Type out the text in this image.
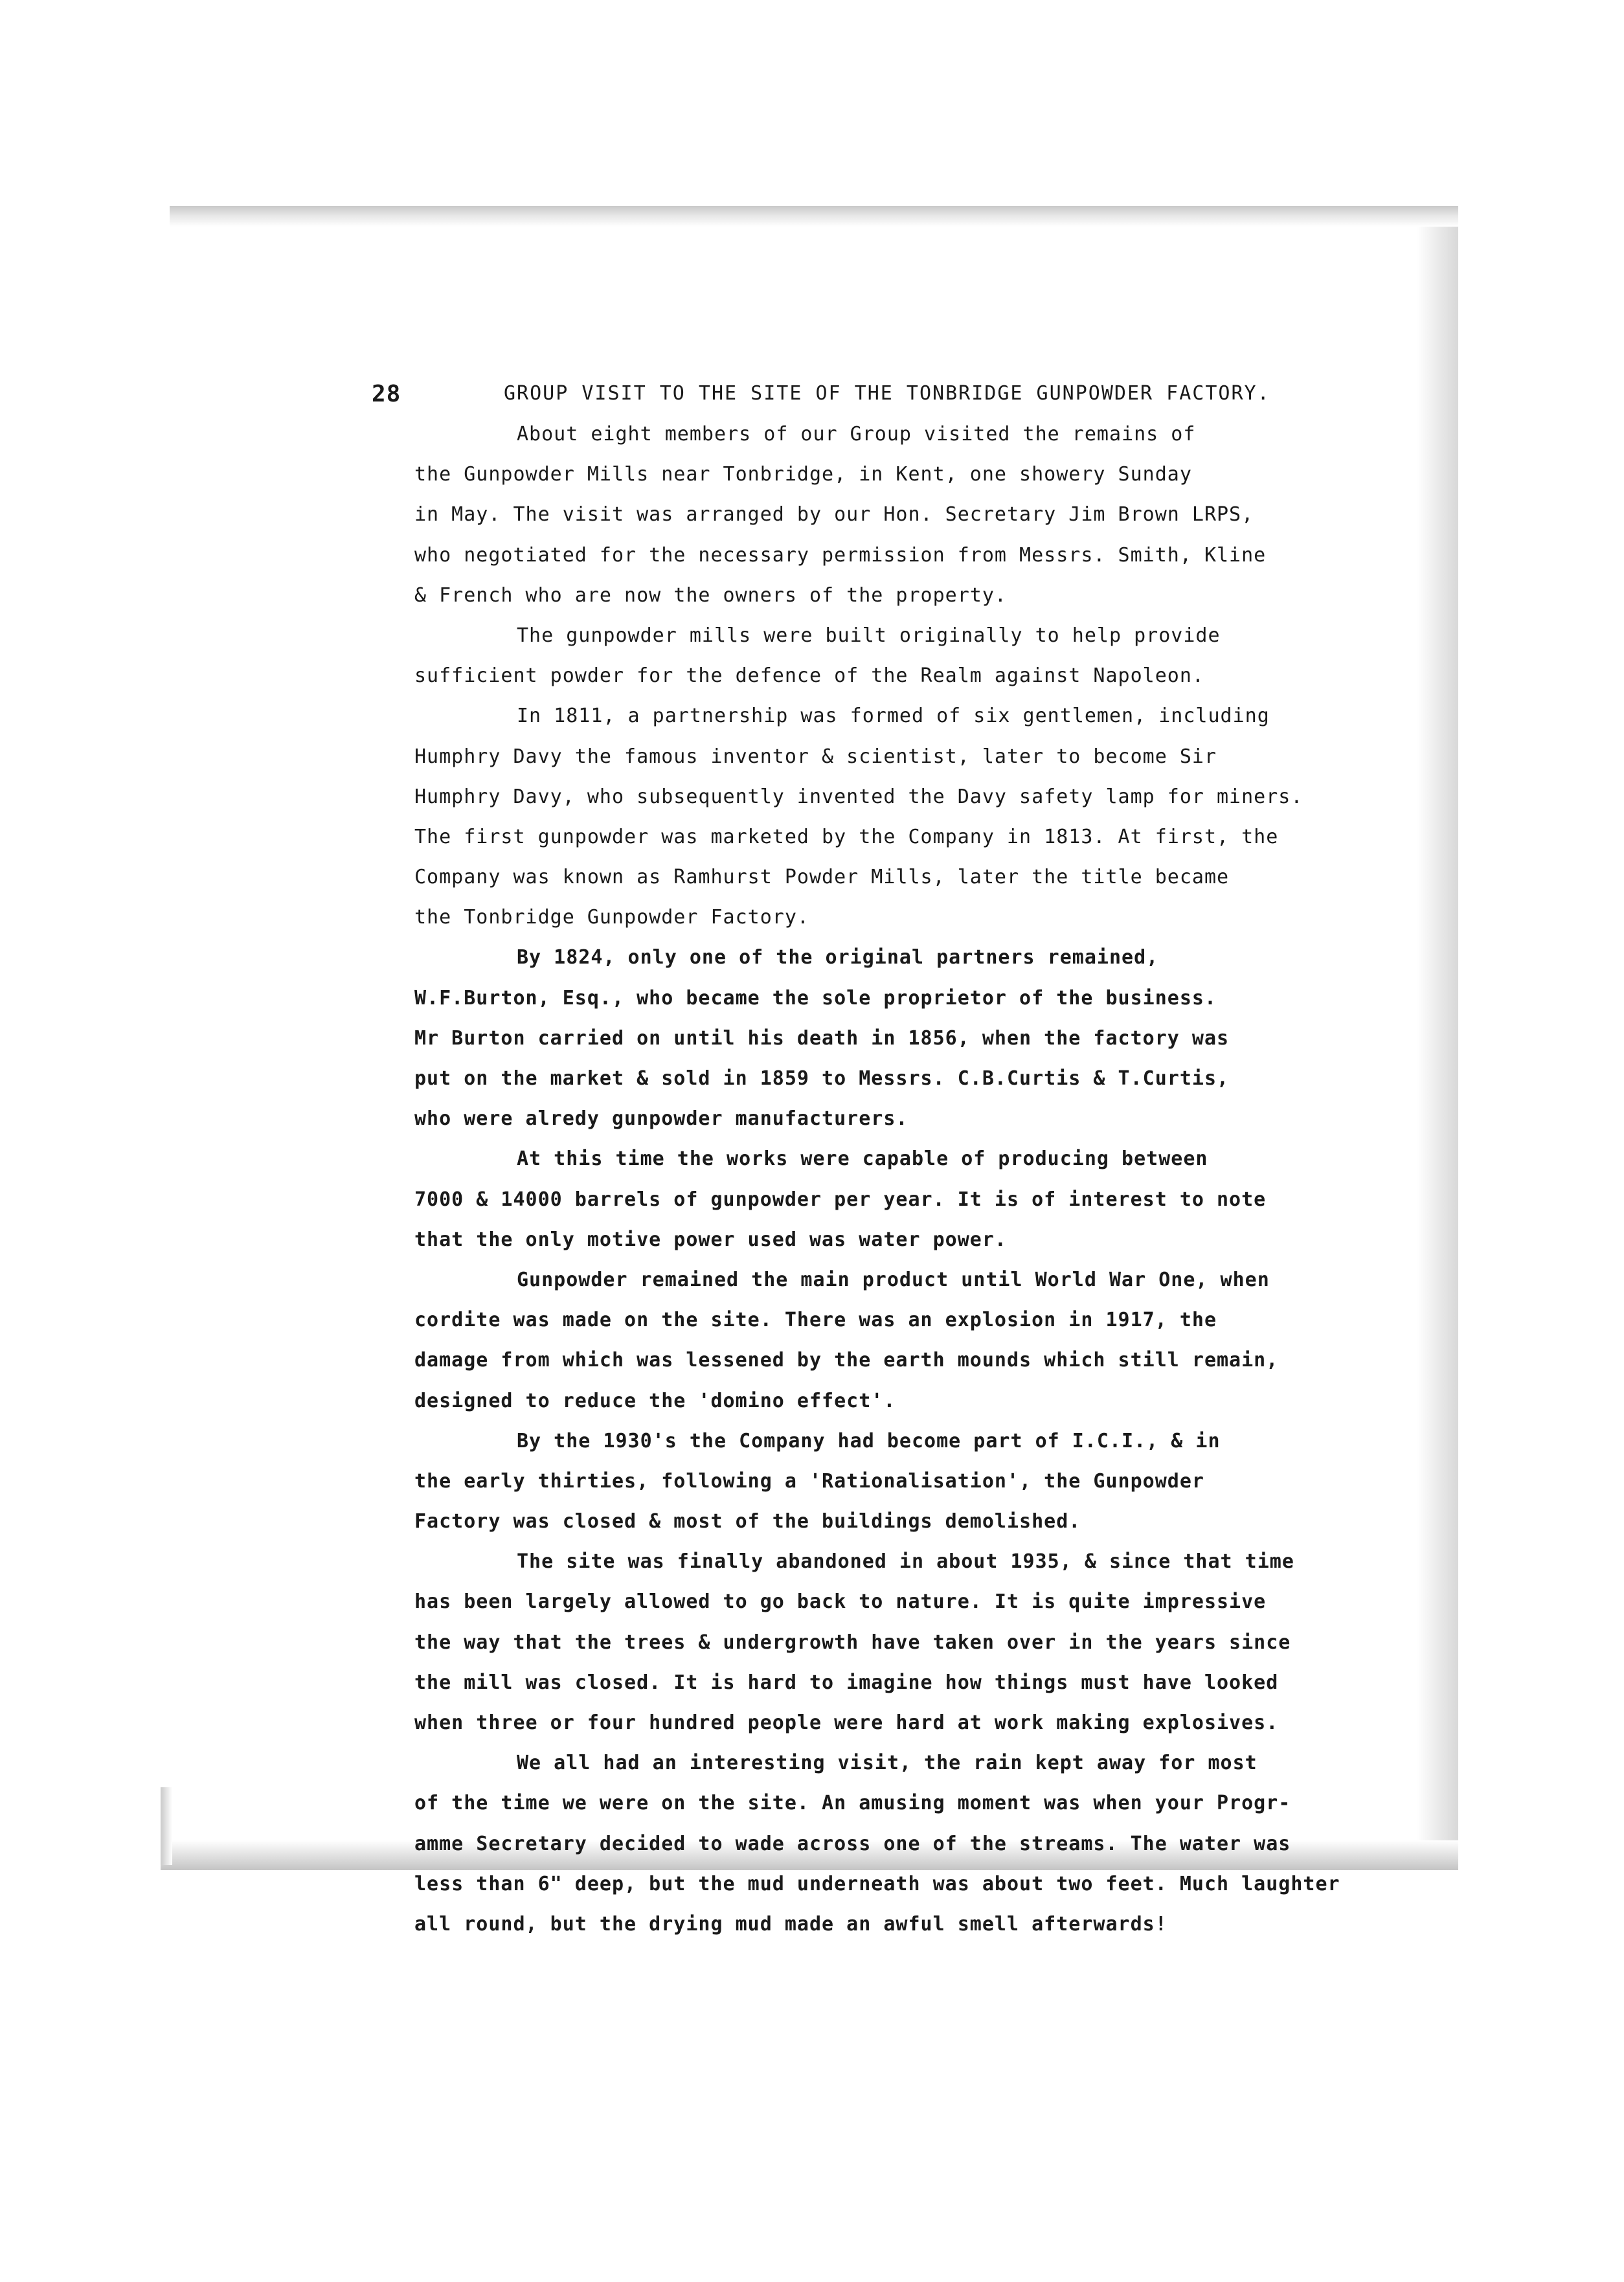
28	GROUP VISIT TO THE SITE OF THE TONBRIDGE GUNPOWDER FACTORY.
About eight members of our Group visited the remains of
the Gunpowder Mills near Tonbridge, in Kent, one showery Sunday
in May. The visit was arranged by our Hon. Secretary Jim Brown LRPS,
who negotiated for the necessary permission from Messrs. Smith, Kline
& French who are now the owners of the property.
The gunpowder mills were built originally to help provide
sufficient powder for the defence of the Realm against Napoleon.
In 1811, a partnership was formed of six gentlemen, including
Humphry Davy the famous inventor & scientist, later to become Sir
Humphry Davy, who subsequently invented the Davy safety lamp for miners.
The first gunpowder was marketed by the Company in 1813. At first, the
Company was known as Ramhurst Powder Mills, later the title became
the Tonbridge Gunpowder Factory.
By 1824, only one of the original partners remained,
W.F.Burton, Esq., who became the sole proprietor of the business.
Mr Burton carried on until his death in 1856, when the factory was
put on the market & sold in 1859 to Messrs. C.B.Curtis & T.Curtis,
who were alredy gunpowder manufacturers.
At this time the works were capable of producing between
7000 & 14000 barrels of gunpowder per year. It is of interest to note
that the only motive power used was water power.
Gunpowder remained the main product until World War One, when
cordite was made on the site. There was an explosion in 1917, the
damage from which was lessened by the earth mounds which still remain,
designed to reduce the 'domino effect'.
By the 1930's the Company had become part of I.C.I., & in
the early thirties, following a 'Rationalisation', the Gunpowder
Factory was closed & most of the buildings demolished.
The site was finally abandoned in about 1935, & since that time
has been largely allowed to go back to nature. It is quite impressive
the way that the trees & undergrowth have taken over in the years since
the mill was closed. It is hard to imagine how things must have looked
when three or four hundred people were hard at work making explosives.
We all had an interesting visit, the rain kept away for most
of the time we were on the site. An amusing moment was when your Progr-
amme Secretary decided to wade across one of the streams. The water was
less than 6" deep, but the mud underneath was about two feet. Much laughter
all round, but the drying mud made an awful smell afterwards!
